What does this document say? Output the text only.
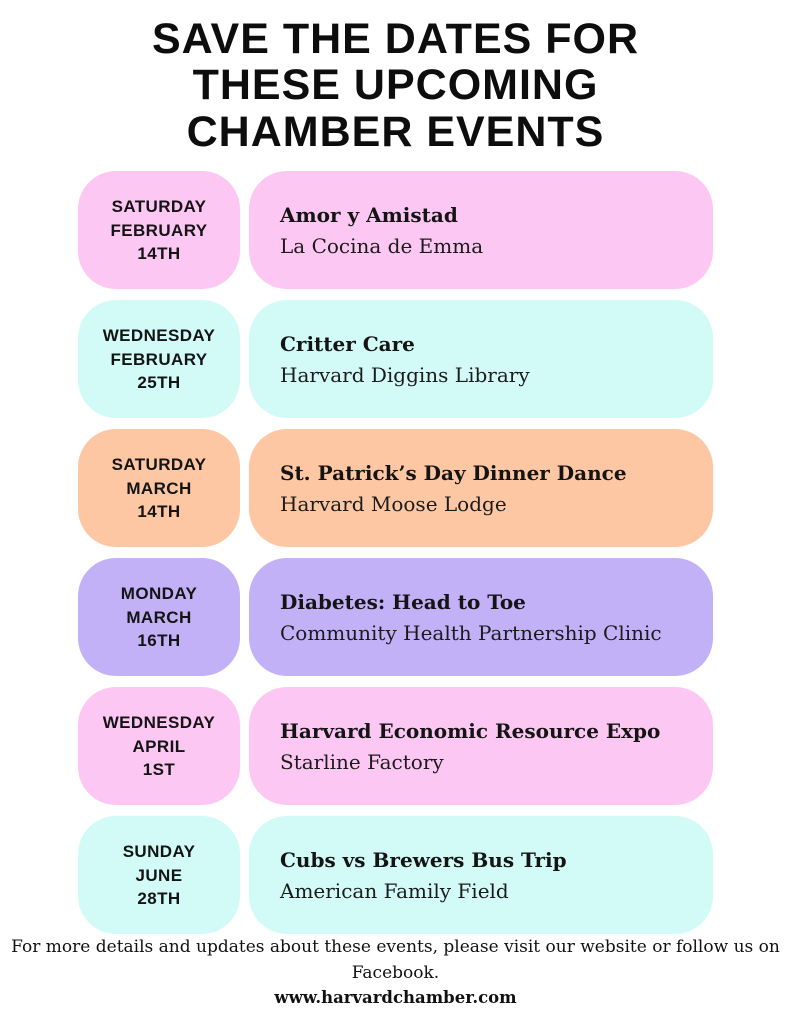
SAVE THE DATES FOR THESE UPCOMING CHAMBER EVENTS
SATURDAY
FEBRUARY
14TH
Amor y Amistad
La Cocina de Emma
WEDNESDAY
FEBRUARY
25TH
Critter Care
Harvard Diggins Library
SATURDAY
MARCH
14TH
St. Patrick’s Day Dinner Dance
Harvard Moose Lodge
MONDAY
MARCH
16TH
Diabetes: Head to Toe
Community Health Partnership Clinic
WEDNESDAY
APRIL
1ST
Harvard Economic Resource Expo
Starline Factory
SUNDAY
JUNE
28TH
Cubs vs Brewers Bus Trip
American Family Field
For more details and updates about these events, please visit our website or follow us on Facebook.
www.harvardchamber.com
